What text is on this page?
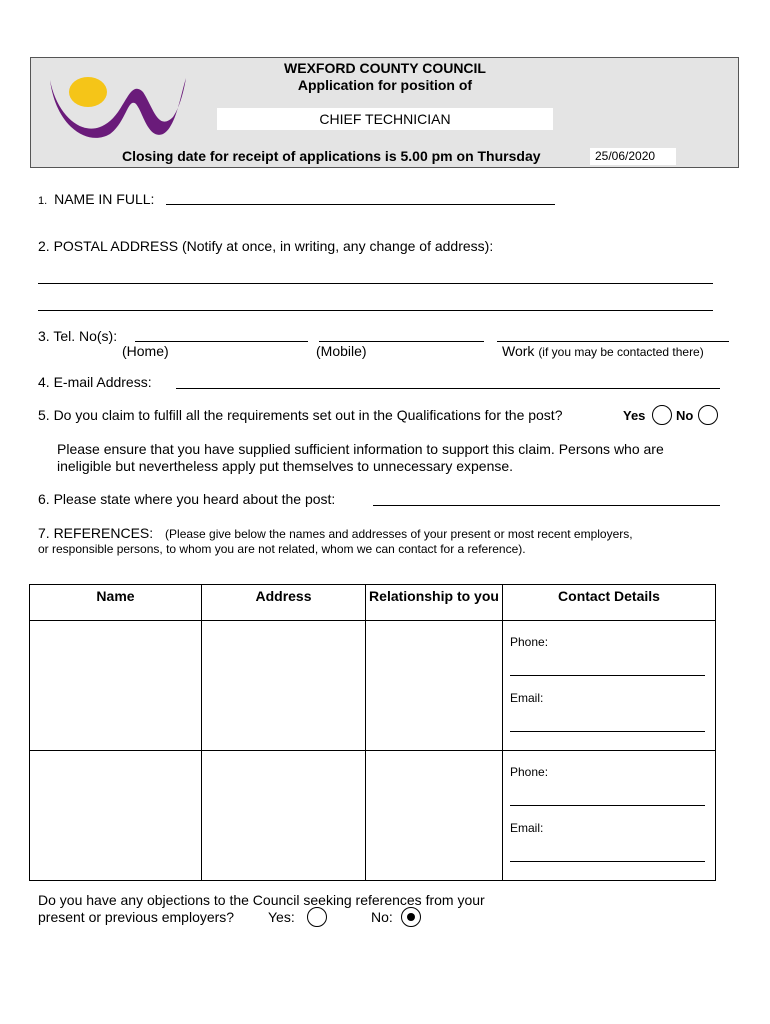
WEXFORD COUNTY COUNCIL
Application for position of
CHIEF TECHNICIAN
Closing date for receipt of applications is 5.00 pm on Thursday	25/06/2020
1. NAME IN FULL:
2. POSTAL ADDRESS (Notify at once, in writing, any change of address):
3. Tel. No(s):
(Home)	(Mobile)	Work (if you may be contacted there)
4. E-mail Address:
5. Do you claim to fulfill all the requirements set out in the Qualifications for the post?	Yes No
Please ensure that you have supplied sufficient information to support this claim. Persons who are
ineligible but nevertheless apply put themselves to unnecessary expense.
6. Please state where you heard about the post:
7. REFERENCES: (Please give below the names and addresses of your present or most recent employers,
or responsible persons, to whom you are not related, whom we can contact for a reference).
Name	Address	Relationship to you	Contact Details

			Phone:
Email:

			Phone:
Email:
Do you have any objections to the Council seeking references from your
present or previous employers? Yes:	No:
